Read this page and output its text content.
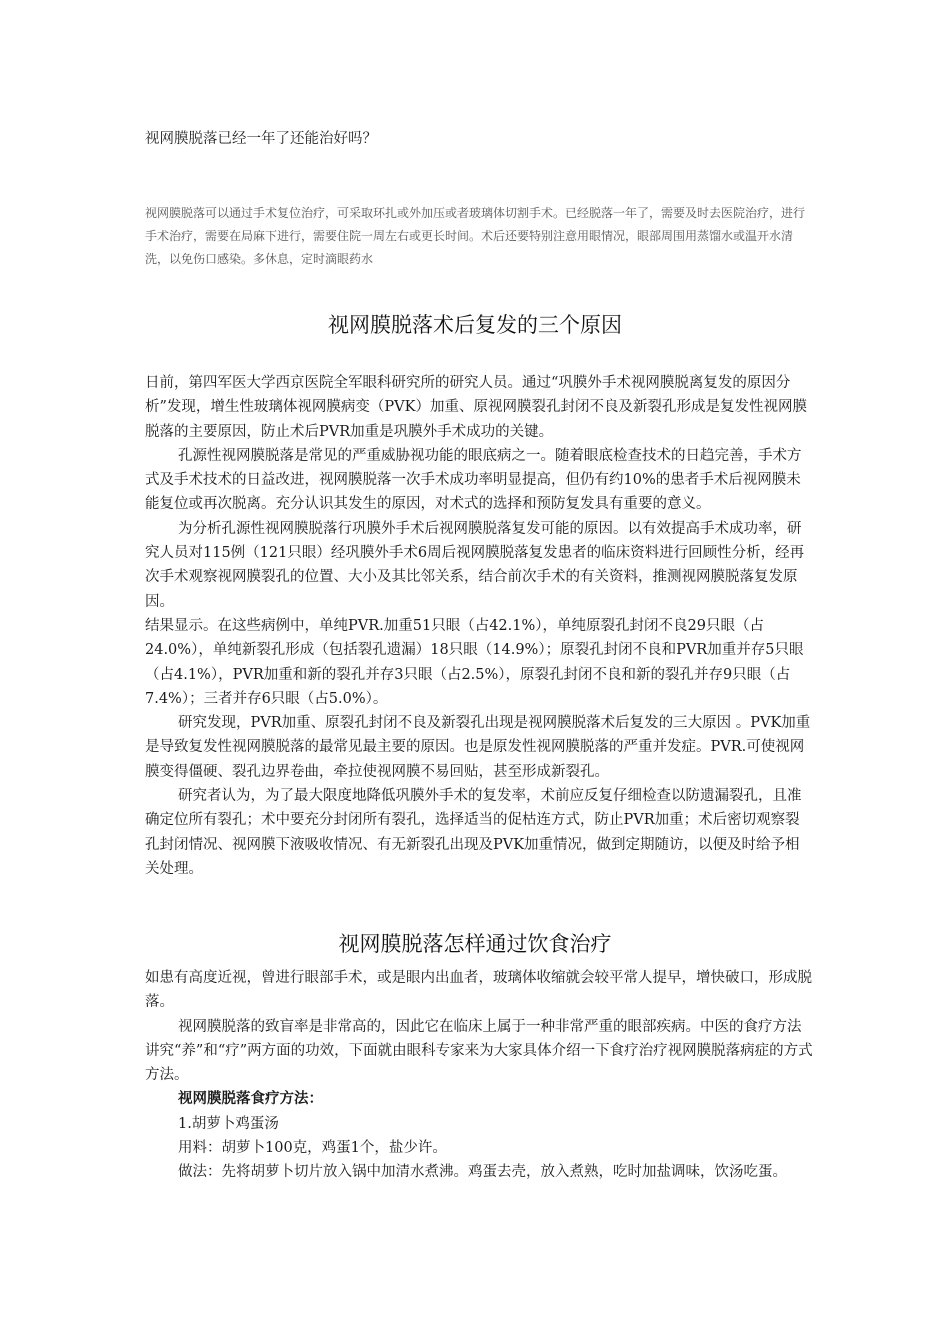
视网膜脱落已经一年了还能治好吗？
视网膜脱落可以通过手术复位治疗，可采取环扎或外加压或者玻璃体切割手术。已经脱落一年了，需要及时去医院治疗，进行手术治疗，需要在局麻下进行，需要住院一周左右或更长时间。术后还要特别注意用眼情况，眼部周围用蒸馏水或温开水清洗，以免伤口感染。多休息，定时滴眼药水
视网膜脱落术后复发的三个原因

日前，第四军医大学西京医院全军眼科研究所的研究人员。通过“巩膜外手术视网膜脱离复发的原因分析”发现，增生性玻璃体视网膜病变（PVK）加重、原视网膜裂孔封闭不良及新裂孔形成是复发性视网膜脱落的主要原因，防止术后PVR加重是巩膜外手术成功的关键。

孔源性视网膜脱落是常见的严重威胁视功能的眼底病之一。随着眼底检查技术的日趋完善，手术方式及手术技术的日益改进，视网膜脱落一次手术成功率明显提高，但仍有约10%的患者手术后视网膜未能复位或再次脱离。充分认识其发生的原因，对术式的选择和预防复发具有重要的意义。

为分析孔源性视网膜脱落行巩膜外手术后视网膜脱落复发可能的原因。以有效提高手术成功率，研究人员对115例（121只眼）经巩膜外手术6周后视网膜脱落复发患者的临床资料进行回顾性分析，经再次手术观察视网膜裂孔的位置、大小及其比邻关系，结合前次手术的有关资料，推测视网膜脱落复发原因。

结果显示。在这些病例中，单纯PVR.加重51只眼（占42.1%），单纯原裂孔封闭不良29只眼（占24.0%），单纯新裂孔形成（包括裂孔遗漏）18只眼（14.9%）；原裂孔封闭不良和PVR加重并存5只眼（占4.1%），PVR加重和新的裂孔并存3只眼（占2.5%），原裂孔封闭不良和新的裂孔并存9只眼（占7.4%）；三者并存6只眼（占5.0%）。

研究发现，PVR加重、原裂孔封闭不良及新裂孔出现是视网膜脱落术后复发的三大原因 。PVK加重是导致复发性视网膜脱落的最常见最主要的原因。也是原发性视网膜脱落的严重并发症。PVR.可使视网膜变得僵硬、裂孔边界卷曲，牵拉使视网膜不易回贴，甚至形成新裂孔。

研究者认为，为了最大限度地降低巩膜外手术的复发率，术前应反复仔细检查以防遗漏裂孔，且准确定位所有裂孔；术中要充分封闭所有裂孔，选择适当的促枯连方式，防止PVR加重；术后密切观察裂孔封闭情况、视网膜下液吸收情况、有无新裂孔出现及PVK加重情况，做到定期随访，以便及时给予相关处理。

视网膜脱落怎样通过饮食治疗

如患有高度近视，曾进行眼部手术，或是眼内出血者，玻璃体收缩就会较平常人提早，增快破口，形成脱落。

视网膜脱落的致盲率是非常高的，因此它在临床上属于一种非常严重的眼部疾病。中医的食疗方法讲究“养”和“疗”两方面的功效，下面就由眼科专家来为大家具体介绍一下食疗治疗视网膜脱落病症的方式方法。

视网膜脱落食疗方法：

1.胡萝卜鸡蛋汤

用料：胡萝卜100克，鸡蛋1个，盐少许。

做法：先将胡萝卜切片放入锅中加清水煮沸。鸡蛋去壳，放入煮熟，吃时加盐调味，饮汤吃蛋。
